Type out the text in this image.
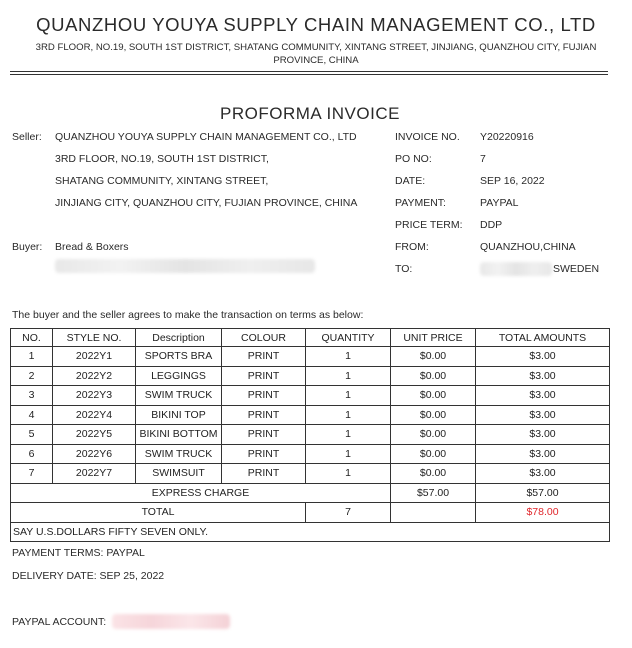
QUANZHOU YOUYA SUPPLY CHAIN MANAGEMENT CO., LTD
3RD FLOOR, NO.19, SOUTH 1ST DISTRICT, SHATANG COMMUNITY, XINTANG STREET, JINJIANG, QUANZHOU CITY, FUJIAN PROVINCE, CHINA
PROFORMA INVOICE
Seller: QUANZHOU YOUYA SUPPLY CHAIN MANAGEMENT CO., LTD
3RD FLOOR, NO.19, SOUTH 1ST DISTRICT,
SHATANG COMMUNITY, XINTANG STREET,
JINJIANG CITY, QUANZHOU CITY, FUJIAN PROVINCE, CHINA
Buyer: Bread & Boxers
INVOICE NO. Y20220916
PO NO:	7
DATE:	SEP 16, 2022
PAYMENT:	PAYPAL
PRICE TERM: DDP
FROM:	QUANZHOU,CHINA
TO:	SWEDEN
The buyer and the seller agrees to make the transaction on terms as below:
NO.	STYLE NO.	Description	COLOUR	QUANTITY	UNIT PRICE	TOTAL AMOUNTS
1	2022Y1	SPORTS BRA	PRINT	1	$0.00	$3.00
2	2022Y2	LEGGINGS	PRINT	1	$0.00	$3.00
3	2022Y3	SWIM TRUCK	PRINT	1	$0.00	$3.00
4	2022Y4	BIKINI TOP	PRINT	1	$0.00	$3.00
5	2022Y5	BIKINI BOTTOM	PRINT	1	$0.00	$3.00
6	2022Y6	SWIM TRUCK	PRINT	1	$0.00	$3.00
7	2022Y7	SWIMSUIT	PRINT	1	$0.00	$3.00
EXPRESS CHARGE					$57.00	$57.00
TOTAL				7		$78.00
SAY U.S.DOLLARS FIFTY SEVEN ONLY.						
PAYMENT TERMS: PAYPAL
DELIVERY DATE: SEP 25, 2022
PAYPAL ACCOUNT:
